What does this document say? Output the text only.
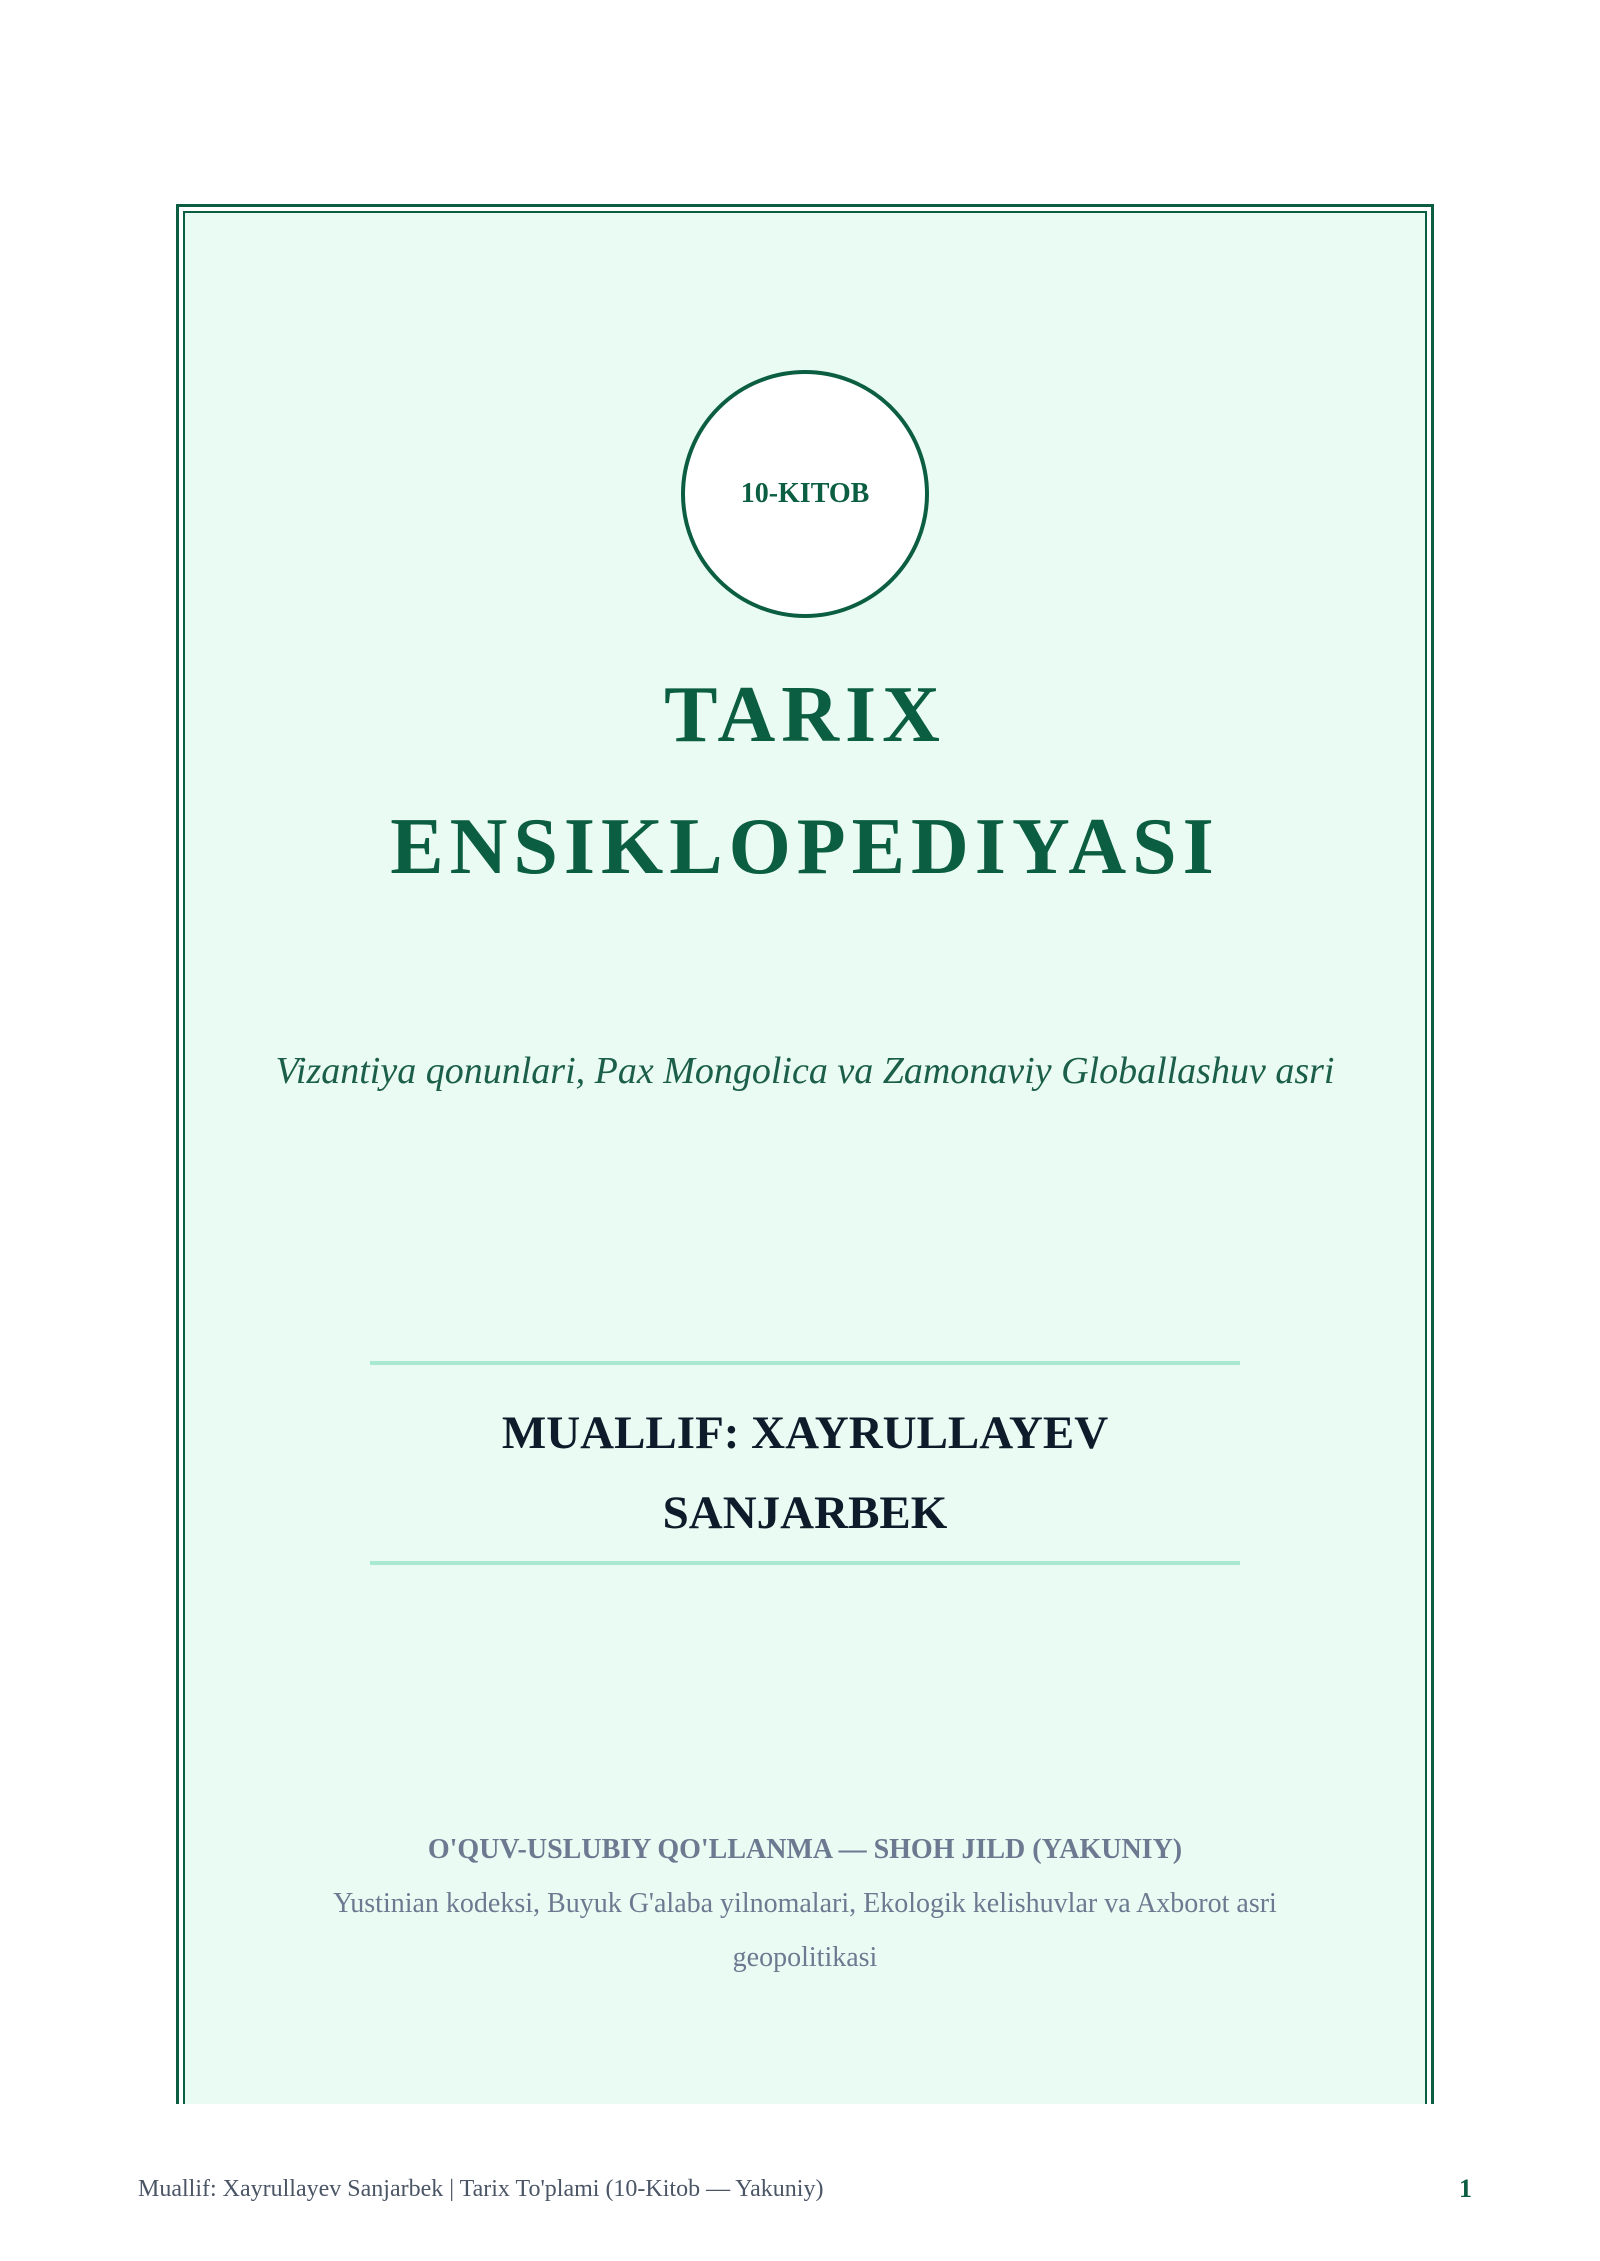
10-KITOB
TARIX
ENSIKLOPEDIYASI
Vizantiya qonunlari, Pax Mongolica va Zamonaviy Globallashuv asri
MUALLIF: XAYRULLAYEV
SANJARBEK
O'QUV-USLUBIY QO'LLANMA — SHOH JILD (YAKUNIY)
Yustinian kodeksi, Buyuk G'alaba yilnomalari, Ekologik kelishuvlar va Axborot asri geopolitikasi
Muallif: Xayrullayev Sanjarbek | Tarix To'plami (10-Kitob — Yakuniy)	1
